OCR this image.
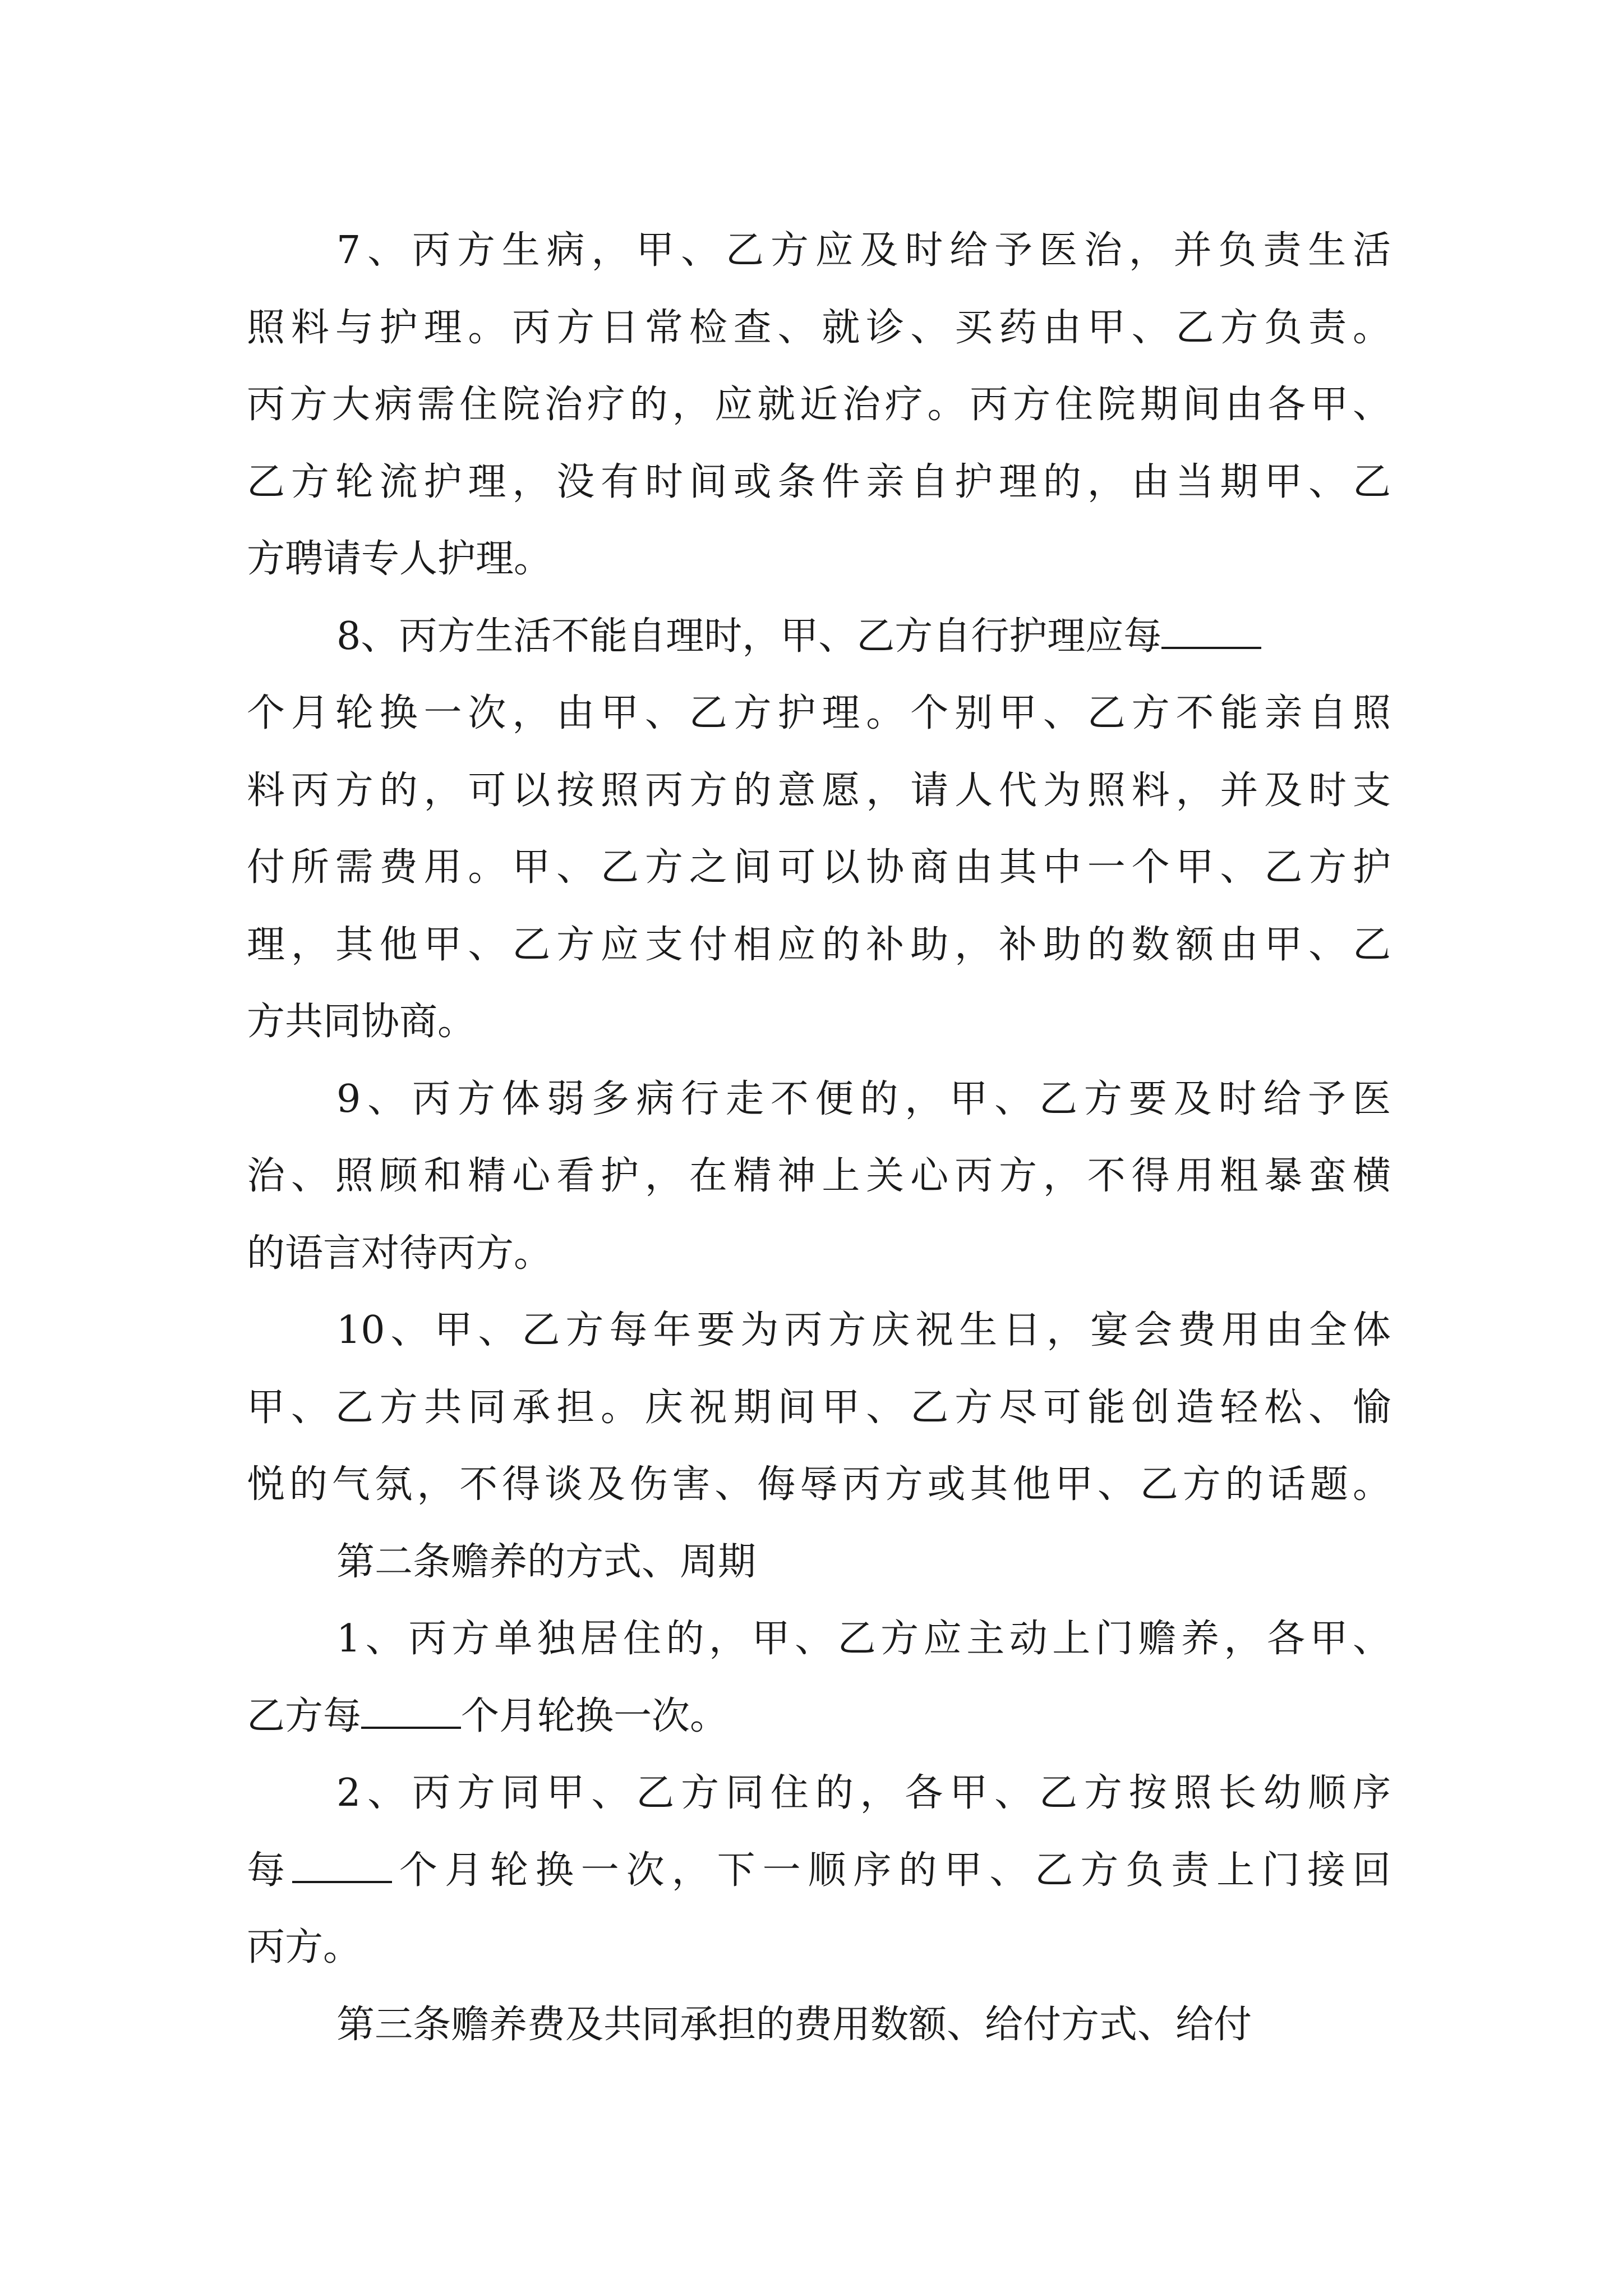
7、丙方生病，甲、乙方应及时给予医治，并负责生活
照料与护理。丙方日常检查、就诊、买药由甲、乙方负责。
丙方大病需住院治疗的，应就近治疗。丙方住院期间由各甲、
乙方轮流护理，没有时间或条件亲自护理的，由当期甲、乙
方聘请专人护理。
8、丙方生活不能自理时，甲、乙方自行护理应每
个月轮换一次，由甲、乙方护理。个别甲、乙方不能亲自照
料丙方的，可以按照丙方的意愿，请人代为照料，并及时支
付所需费用。甲、乙方之间可以协商由其中一个甲、乙方护
理，其他甲、乙方应支付相应的补助，补助的数额由甲、乙
方共同协商。
9、丙方体弱多病行走不便的，甲、乙方要及时给予医
治、照顾和精心看护，在精神上关心丙方，不得用粗暴蛮横
的语言对待丙方。
10、甲、乙方每年要为丙方庆祝生日，宴会费用由全体
甲、乙方共同承担。庆祝期间甲、乙方尽可能创造轻松、愉
悦的气氛，不得谈及伤害、侮辱丙方或其他甲、乙方的话题。
第二条赡养的方式、周期
1、丙方单独居住的，甲、乙方应主动上门赡养，各甲、
乙方每	个月轮换一次。
2、丙方同甲、乙方同住的，各甲、乙方按照长幼顺序
每	个月轮换一次，下一顺序的甲、乙方负责上门接回
丙方。
第三条赡养费及共同承担的费用数额、给付方式、给付
